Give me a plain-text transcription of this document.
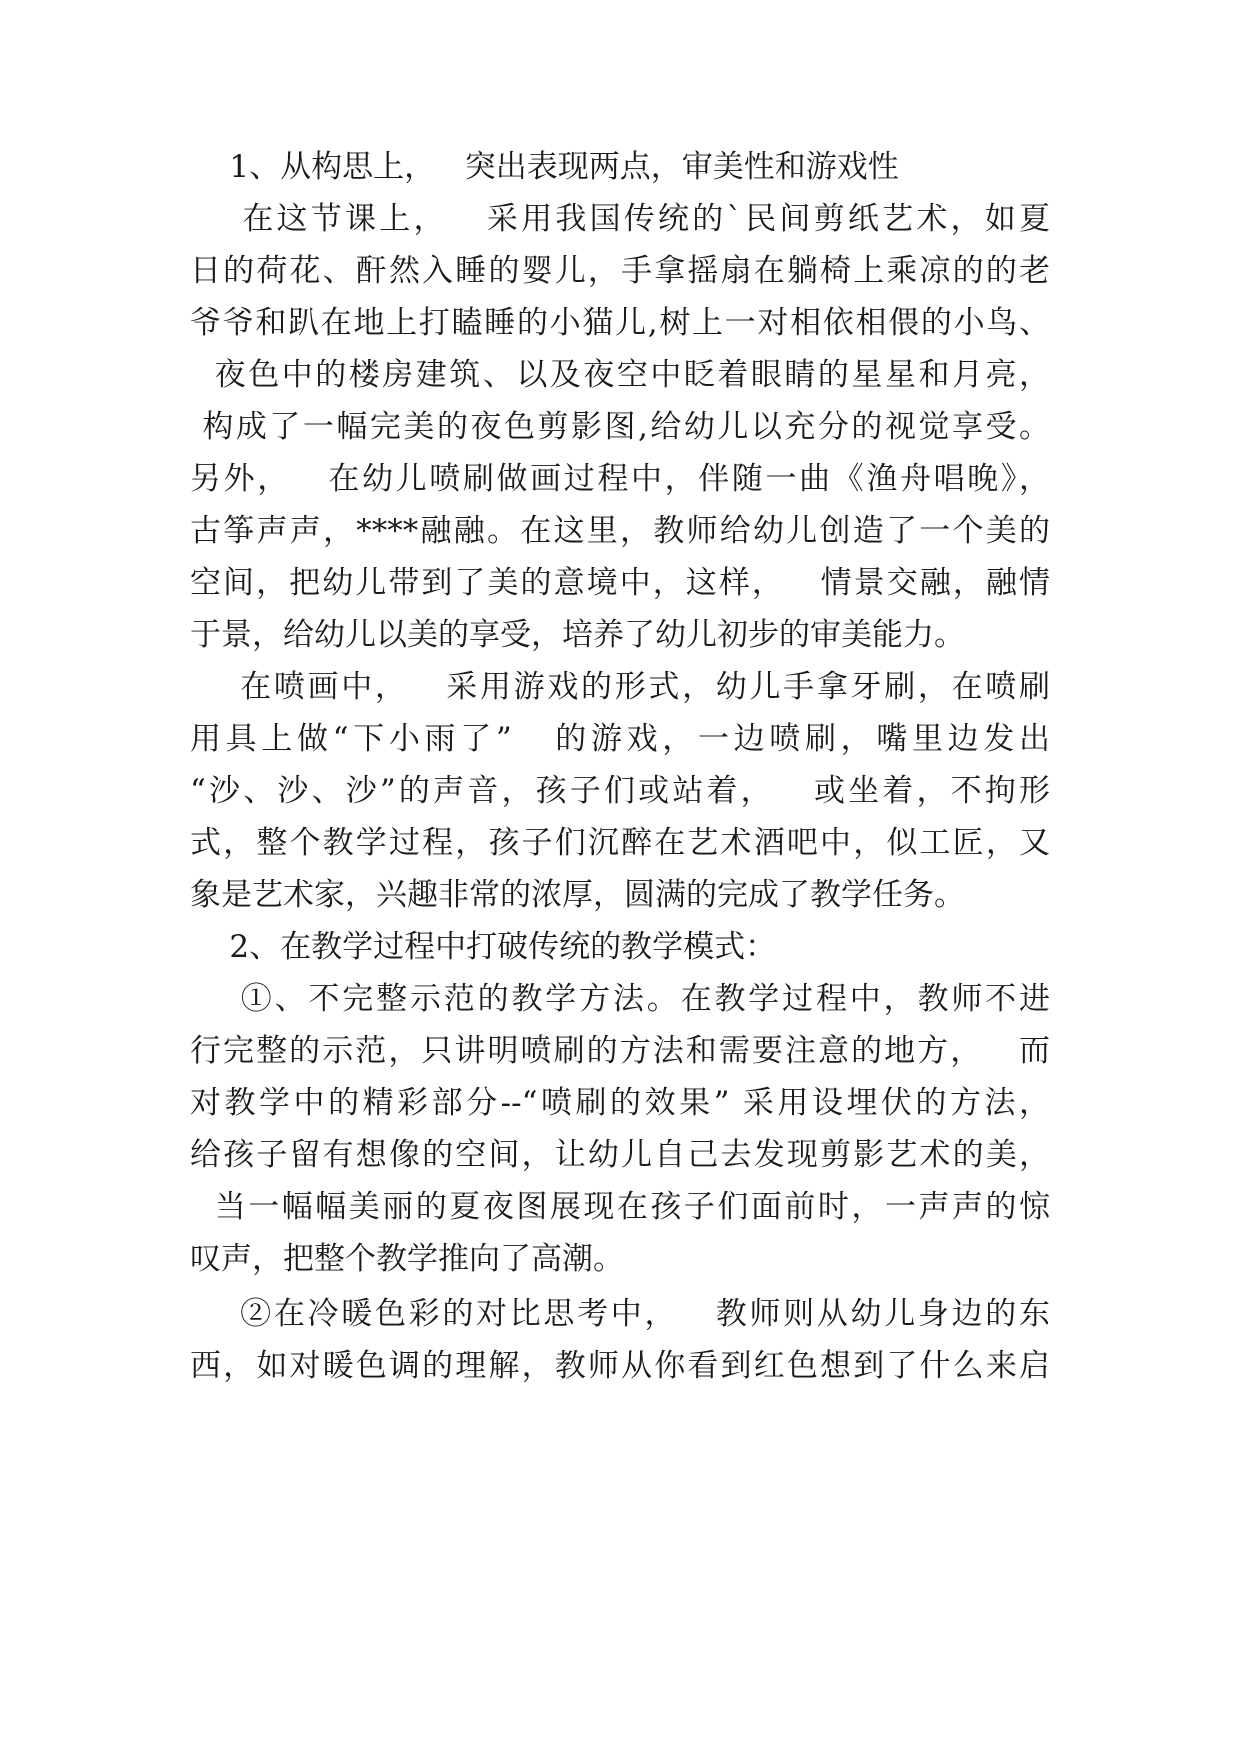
1、从构思上，   突出表现两点，审美性和游戏性
在这节课上，   采用我国传统的`民间剪纸艺术，如夏
日的荷花、酐然入睡的婴儿，手拿摇扇在躺椅上乘凉的的老
爷爷和趴在地上打瞌睡的小猫儿,树上一对相依相偎的小鸟、
夜色中的楼房建筑、以及夜空中眨着眼睛的星星和月亮，
构成了一幅完美的夜色剪影图,给幼儿以充分的视觉享受。
另外，   在幼儿喷刷做画过程中，伴随一曲《渔舟唱晚》，
古筝声声，****融融。在这里，教师给幼儿创造了一个美的
空间，把幼儿带到了美的意境中，这样，   情景交融，融情
于景，给幼儿以美的享受，培养了幼儿初步的审美能力。
在喷画中，   采用游戏的形式，幼儿手拿牙刷，在喷刷
用具上做“下小雨了”   的游戏，一边喷刷，嘴里边发出
“沙、沙、沙”的声音，孩子们或站着，   或坐着，不拘形
式，整个教学过程，孩子们沉醉在艺术酒吧中，似工匠，又
象是艺术家，兴趣非常的浓厚，圆满的完成了教学任务。
2、在教学过程中打破传统的教学模式：
①、不完整示范的教学方法。在教学过程中，教师不进
行完整的示范，只讲明喷刷的方法和需要注意的地方，   而
对教学中的精彩部分--“喷刷的效果” 采用设埋伏的方法，
给孩子留有想像的空间，让幼儿自己去发现剪影艺术的美，
当一幅幅美丽的夏夜图展现在孩子们面前时，一声声的惊
叹声，把整个教学推向了高潮。
②在冷暖色彩的对比思考中，   教师则从幼儿身边的东
西，如对暖色调的理解，教师从你看到红色想到了什么来启
